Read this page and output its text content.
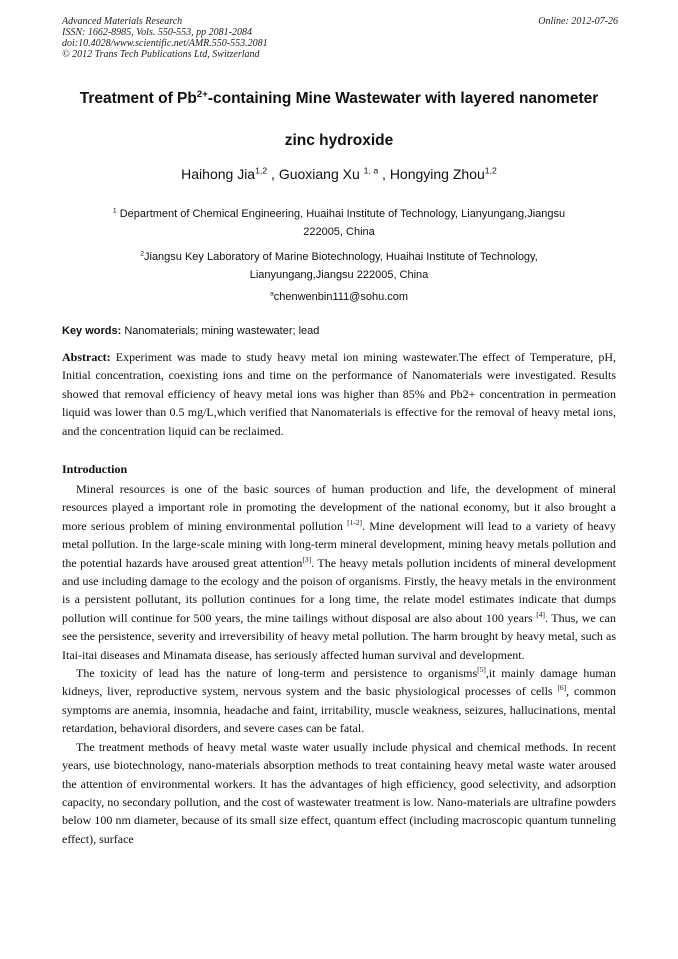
Advanced Materials Research
ISSN: 1662-8985, Vols. 550-553, pp 2081-2084
doi:10.4028/www.scientific.net/AMR.550-553.2081
© 2012 Trans Tech Publications Ltd, Switzerland
Online: 2012-07-26
Treatment of $Pb^{2+}$-containing Mine Wastewater with layered nanometer
zinc hydroxide
Haihong Jia$^{1,2}$ , Guoxiang Xu $^{1, a}$ , Hongying Zhou$^{1,2}$
$^1$ Department of Chemical Engineering, Huaihai Institute of Technology, Lianyungang,Jiangsu
222005, China
$^2$Jiangsu Key Laboratory of Marine Biotechnology, Huaihai Institute of Technology,
Lianyungang,Jiangsu 222005, China
$^a$chenwenbin111@sohu.com
Key words: Nanomaterials; mining wastewater; lead
Abstract: Experiment was made to study heavy metal ion mining wastewater.The effect of Temperature, pH, Initial concentration, coexisting ions and time on the performance of Nanomaterials were investigated. Results showed that removal efficiency of heavy metal ions was higher than 85% and Pb2+ concentration in permeation liquid was lower than 0.5 mg/L,which verified that Nanomaterials is effective for the removal of heavy metal ions, and the concentration liquid can be reclaimed.
Introduction

Mineral resources is one of the basic sources of human production and life, the development of mineral resources played a important role in promoting the development of the national economy, but it also brought a more serious problem of mining environmental pollution [1-2]. Mine development will lead to a variety of heavy metal pollution. In the large-scale mining with long-term mineral development, mining heavy metals pollution and the potential hazards have aroused great attention[3]. The heavy metals pollution incidents of mineral development and use including damage to the ecology and the poison of organisms. Firstly, the heavy metals in the environment is a persistent pollutant, its pollution continues for a long time, the relate model estimates indicate that dumps pollution will continue for 500 years, the mine tailings without disposal are also about 100 years [4]. Thus, we can see the persistence, severity and irreversibility of heavy metal pollution. The harm brought by heavy metal, such as Itai-itai diseases and Minamata disease, has seriously affected human survival and development.

The toxicity of lead has the nature of long-term and persistence to organisms[5],it mainly damage human kidneys, liver, reproductive system, nervous system and the basic physiological processes of cells [6], common symptoms are anemia, insomnia, headache and faint, irritability, muscle weakness, seizures, hallucinations, mental retardation, behavioral disorders, and severe cases can be fatal.

The treatment methods of heavy metal waste water usually include physical and chemical methods. In recent years, use biotechnology, nano-materials absorption methods to treat containing heavy metal waste water aroused the attention of environmental workers. It has the advantages of high efficiency, good selectivity, and adsorption capacity, no secondary pollution, and the cost of wastewater treatment is low. Nano-materials are ultrafine powders below 100 nm diameter, because of its small size effect, quantum effect (including macroscopic quantum tunneling effect), surface
